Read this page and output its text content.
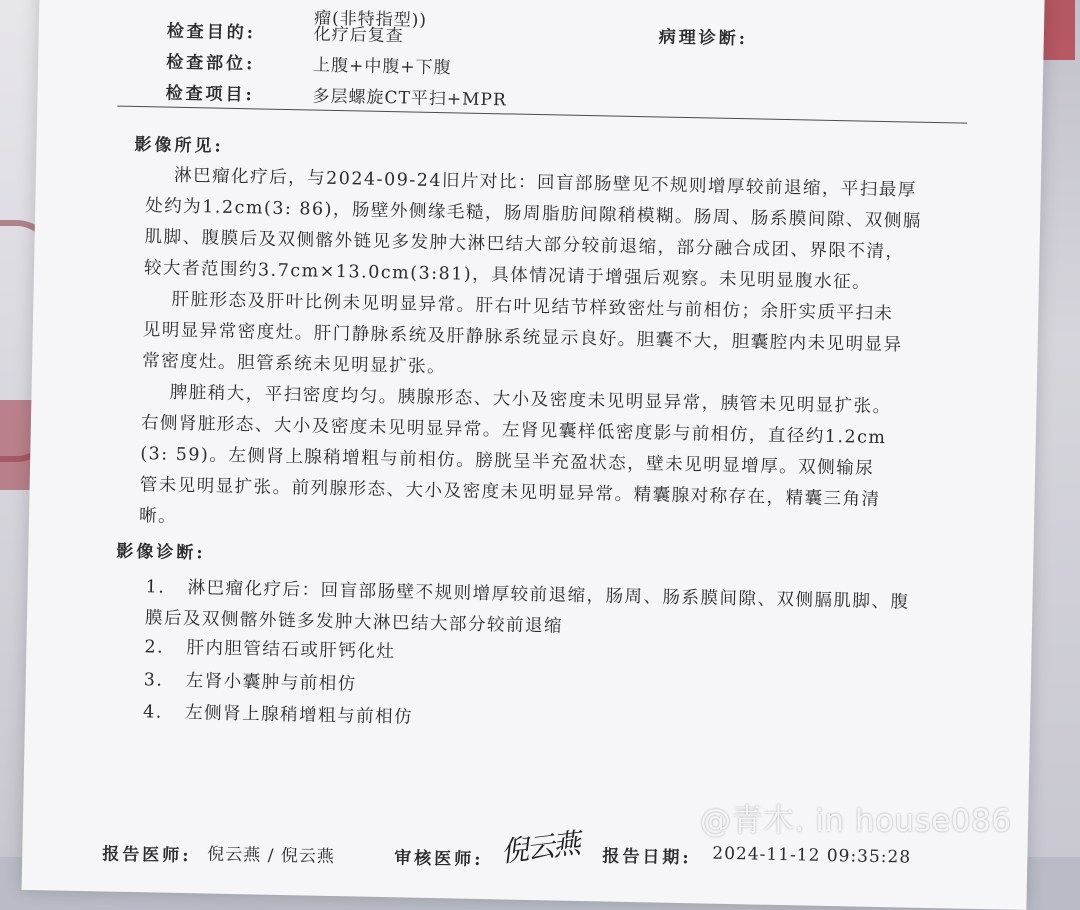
瘤(非特指型))
检查目的:	化疗后复查	病理诊断:
检查部位:	上腹+中腹+下腹
检查项目:	多层螺旋CT平扫+MPR
影像所见:
淋巴瘤化疗后，与2024-09-24旧片对比：回盲部肠壁见不规则增厚较前退缩，平扫最厚
处约为1.2cm(3: 86)，肠壁外侧缘毛糙，肠周脂肪间隙稍模糊。肠周、肠系膜间隙、双侧膈
肌脚、腹膜后及双侧髂外链见多发肿大淋巴结大部分较前退缩，部分融合成团、界限不清，
较大者范围约3.7cm×13.0cm(3:81)，具体情况请于增强后观察。未见明显腹水征。
肝脏形态及肝叶比例未见明显异常。肝右叶见结节样致密灶与前相仿；余肝实质平扫未
见明显异常密度灶。肝门静脉系统及肝静脉系统显示良好。胆囊不大，胆囊腔内未见明显异
常密度灶。胆管系统未见明显扩张。
脾脏稍大，平扫密度均匀。胰腺形态、大小及密度未见明显异常，胰管未见明显扩张。
右侧肾脏形态、大小及密度未见明显异常。左肾见囊样低密度影与前相仿，直径约1.2cm
(3: 59)。左侧肾上腺稍增粗与前相仿。膀胱呈半充盈状态，壁未见明显增厚。双侧输尿
管未见明显扩张。前列腺形态、大小及密度未见明显异常。精囊腺对称存在，精囊三角清
晰。
影像诊断:
1. 淋巴瘤化疗后：回盲部肠壁不规则增厚较前退缩，肠周、肠系膜间隙、双侧膈肌脚、腹
膜后及双侧髂外链多发肿大淋巴结大部分较前退缩
2. 肝内胆管结石或肝钙化灶
3. 左肾小囊肿与前相仿
4. 左侧肾上腺稍增粗与前相仿
报告医师: 倪云燕 / 倪云燕	审核医师: 倪云燕 报告日期: 2024-11-12 09:35:28
@青木. in house086
